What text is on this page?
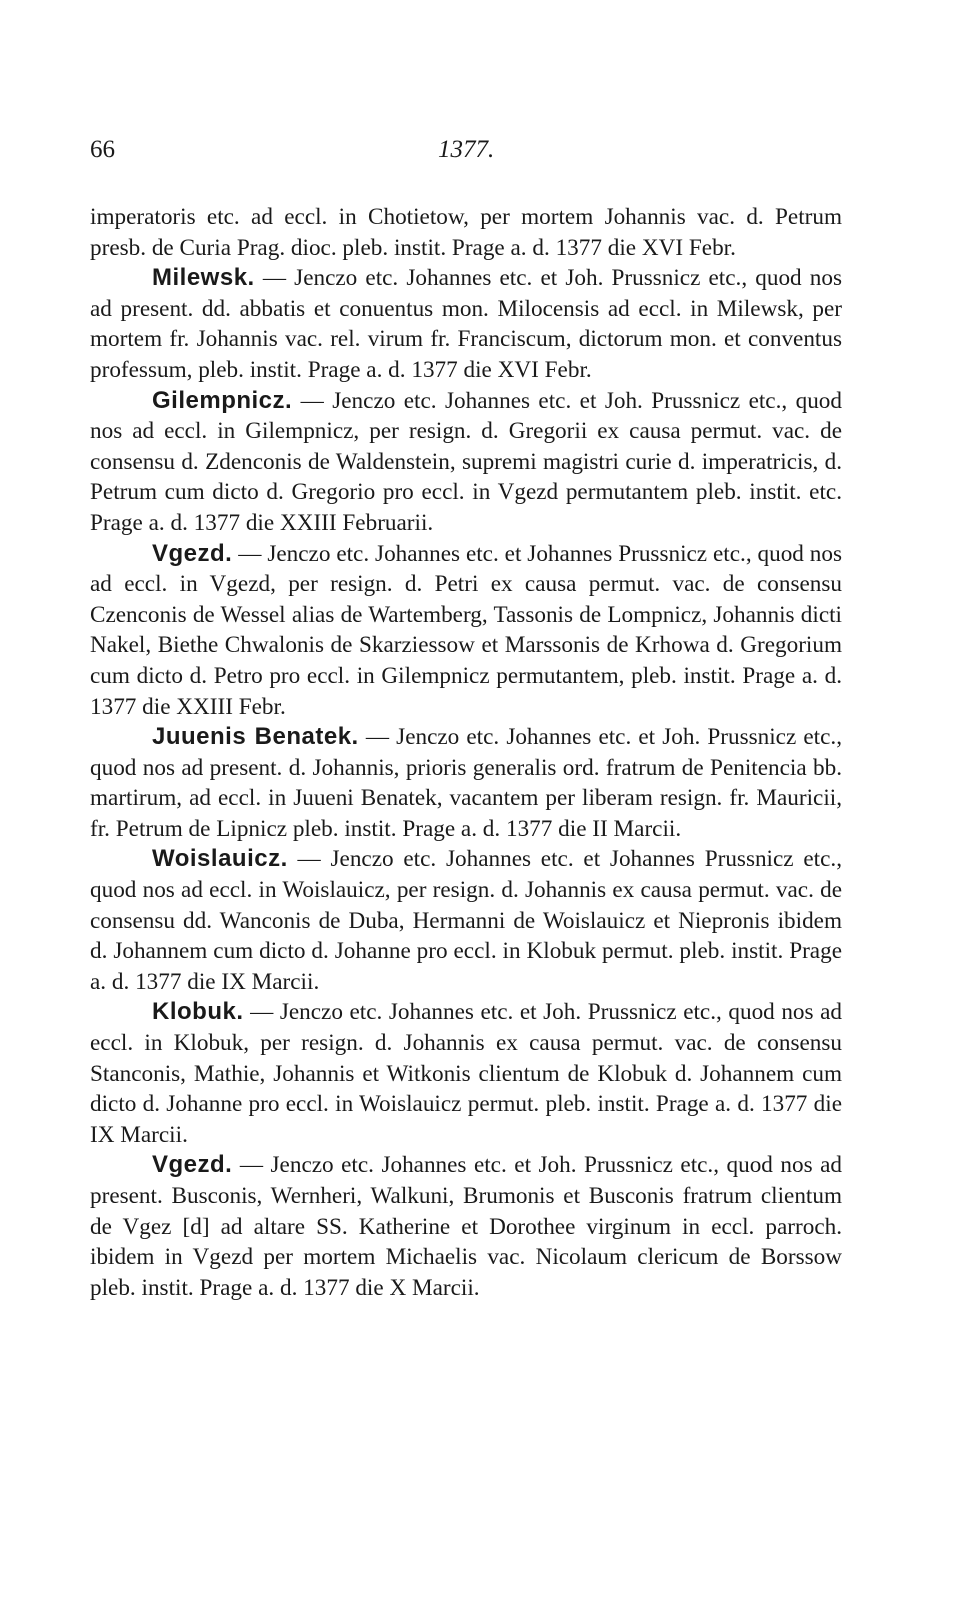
66	1377.

imperatoris etc. ad eccl. in Chotietow, per mortem Johannis vac. d. Petrum presb. de Curia Prag. dioc. pleb. instit. Prage a. d. 1377 die XVI Febr.

Milewsk. — Jenczo etc. Johannes etc. et Joh. Prussnicz etc., quod nos ad present. dd. abbatis et conuentus mon. Milocensis ad eccl. in Milewsk, per mortem fr. Johannis vac. rel. virum fr. Franciscum, dictorum mon. et conventus professum, pleb. instit. Prage a. d. 1377 die XVI Febr.

Gilempnicz. — Jenczo etc. Johannes etc. et Joh. Prussnicz etc., quod nos ad eccl. in Gilempnicz, per resign. d. Gregorii ex causa permut. vac. de consensu d. Zdenconis de Waldenstein, supremi magistri curie d. imperatricis, d. Petrum cum dicto d. Gregorio pro eccl. in Vgezd permutantem pleb. instit. etc. Prage a. d. 1377 die XXIII Februarii.

Vgezd. — Jenczo etc. Johannes etc. et Johannes Prussnicz etc., quod nos ad eccl. in Vgezd, per resign. d. Petri ex causa permut. vac. de consensu Czenconis de Wessel alias de Wartemberg, Tassonis de Lompnicz, Johannis dicti Nakel, Biethe Chwalonis de Skarziessow et Marssonis de Krhowa d. Gregorium cum dicto d. Petro pro eccl. in Gilempnicz permutantem, pleb. instit. Prage a. d. 1377 die XXIII Febr.

Juuenis Benatek. — Jenczo etc. Johannes etc. et Joh. Prussnicz etc., quod nos ad present. d. Johannis, prioris generalis ord. fratrum de Penitencia bb. martirum, ad eccl. in Juueni Benatek, vacantem per liberam resign. fr. Mauricii, fr. Petrum de Lipnicz pleb. instit. Prage a. d. 1377 die II Marcii.

Woislauicz. — Jenczo etc. Johannes etc. et Johannes Prussnicz etc., quod nos ad eccl. in Woislauicz, per resign. d. Johannis ex causa permut. vac. de consensu dd. Wanconis de Duba, Hermanni de Woislauicz et Niepronis ibidem d. Johannem cum dicto d. Johanne pro eccl. in Klobuk permut. pleb. instit. Prage a. d. 1377 die IX Marcii.

Klobuk. — Jenczo etc. Johannes etc. et Joh. Prussnicz etc., quod nos ad eccl. in Klobuk, per resign. d. Johannis ex causa permut. vac. de consensu Stanconis, Mathie, Johannis et Witkonis clientum de Klobuk d. Johannem cum dicto d. Johanne pro eccl. in Woislauicz permut. pleb. instit. Prage a. d. 1377 die IX Marcii.

Vgezd. — Jenczo etc. Johannes etc. et Joh. Prussnicz etc., quod nos ad present. Busconis, Wernheri, Walkuni, Brumonis et Busconis fratrum clientum de Vgez [d] ad altare SS. Katherine et Dorothee virginum in eccl. parroch. ibidem in Vgezd per mortem Michaelis vac. Nicolaum clericum de Borssow pleb. instit. Prage a. d. 1377 die X Marcii.
